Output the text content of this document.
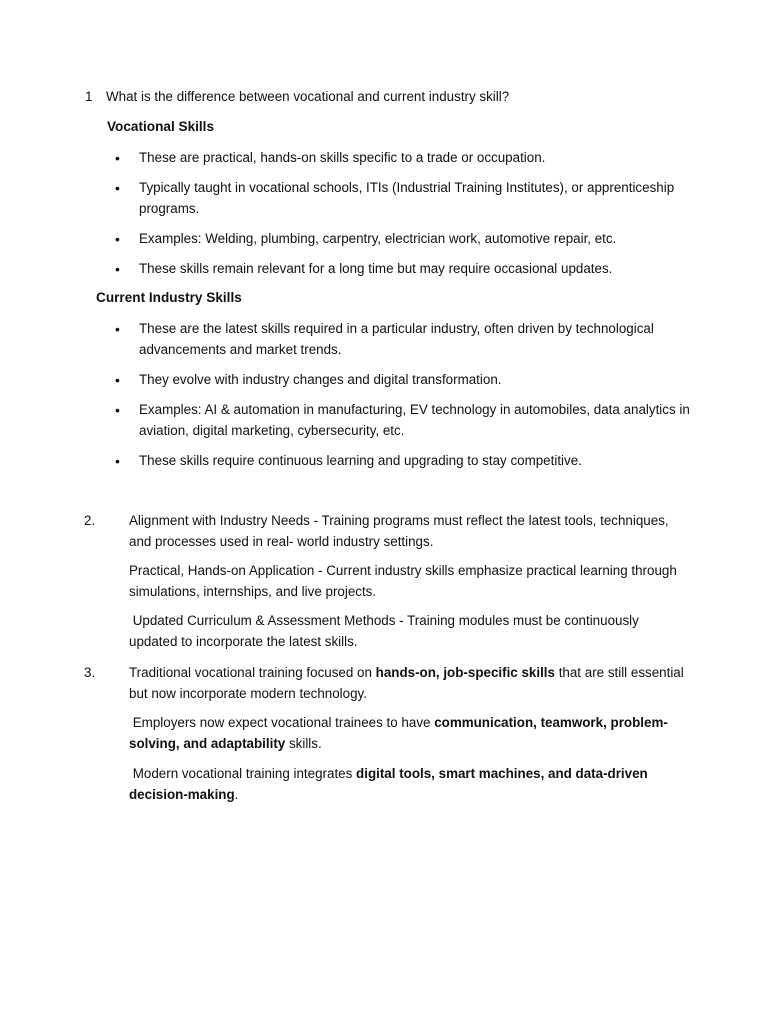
1 What is the difference between vocational and current industry skill?
Vocational Skills
• These are practical, hands-on skills specific to a trade or occupation.
• Typically taught in vocational schools, ITIs (Industrial Training Institutes), or apprenticeship programs.
• Examples: Welding, plumbing, carpentry, electrician work, automotive repair, etc.
• These skills remain relevant for a long time but may require occasional updates.
Current Industry Skills
• These are the latest skills required in a particular industry, often driven by technological advancements and market trends.
• They evolve with industry changes and digital transformation.
• Examples: AI & automation in manufacturing, EV technology in automobiles, data analytics in aviation, digital marketing, cybersecurity, etc.
• These skills require continuous learning and upgrading to stay competitive.
2.	Alignment with Industry Needs - Training programs must reflect the latest tools, techniques, and processes used in real- world industry settings.
Practical, Hands-on Application - Current industry skills emphasize practical learning through simulations, internships, and live projects.
Updated Curriculum & Assessment Methods - Training modules must be continuously updated to incorporate the latest skills.
3.	Traditional vocational training focused on hands-on, job-specific skills that are still essential but now incorporate modern technology.
Employers now expect vocational trainees to have communication, teamwork, problem-solving, and adaptability skills.
Modern vocational training integrates digital tools, smart machines, and data-driven decision-making.
